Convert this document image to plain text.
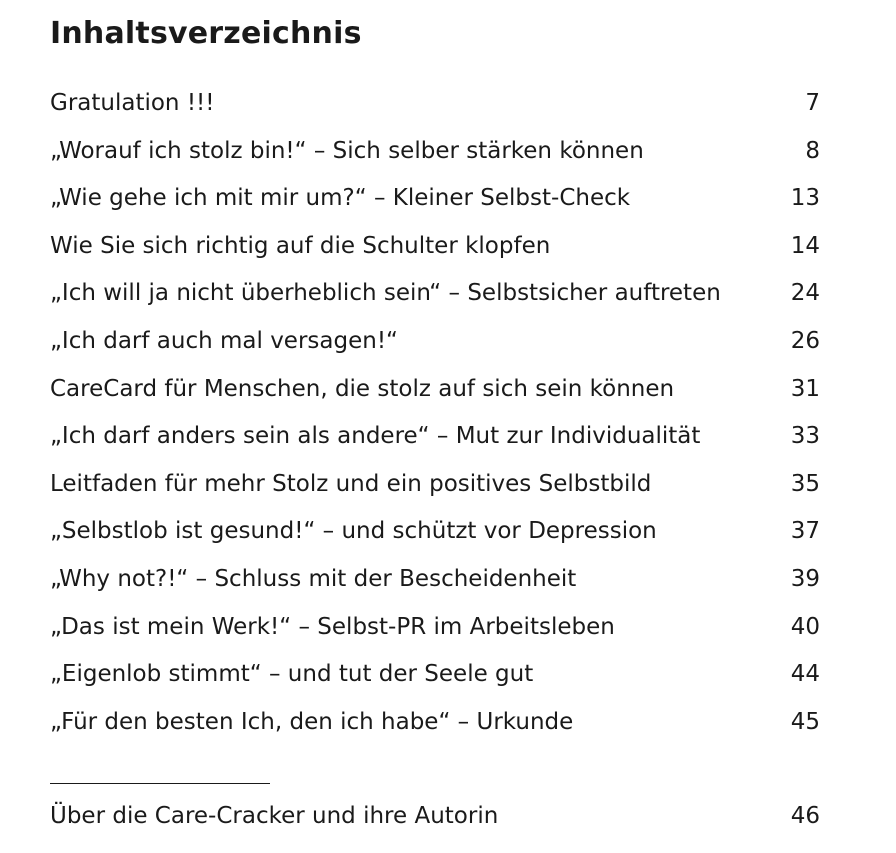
Inhaltsverzeichnis
Gratulation !!!	7
„Worauf ich stolz bin!“ – Sich selber stärken können	8
„Wie gehe ich mit mir um?“ – Kleiner Selbst-Check	13
Wie Sie sich richtig auf die Schulter klopfen	14
„Ich will ja nicht überheblich sein“ – Selbstsicher auftreten	24
„Ich darf auch mal versagen!“	26
CareCard für Menschen, die stolz auf sich sein können	31
„Ich darf anders sein als andere“ – Mut zur Individualität	33
Leitfaden für mehr Stolz und ein positives Selbstbild	35
„Selbstlob ist gesund!“ – und schützt vor Depression	37
„Why not?!“ – Schluss mit der Bescheidenheit	39
„Das ist mein Werk!“ – Selbst-PR im Arbeitsleben	40
„Eigenlob stimmt“ – und tut der Seele gut	44
„Für den besten Ich, den ich habe“ – Urkunde	45
Über die Care-Cracker und ihre Autorin	46
